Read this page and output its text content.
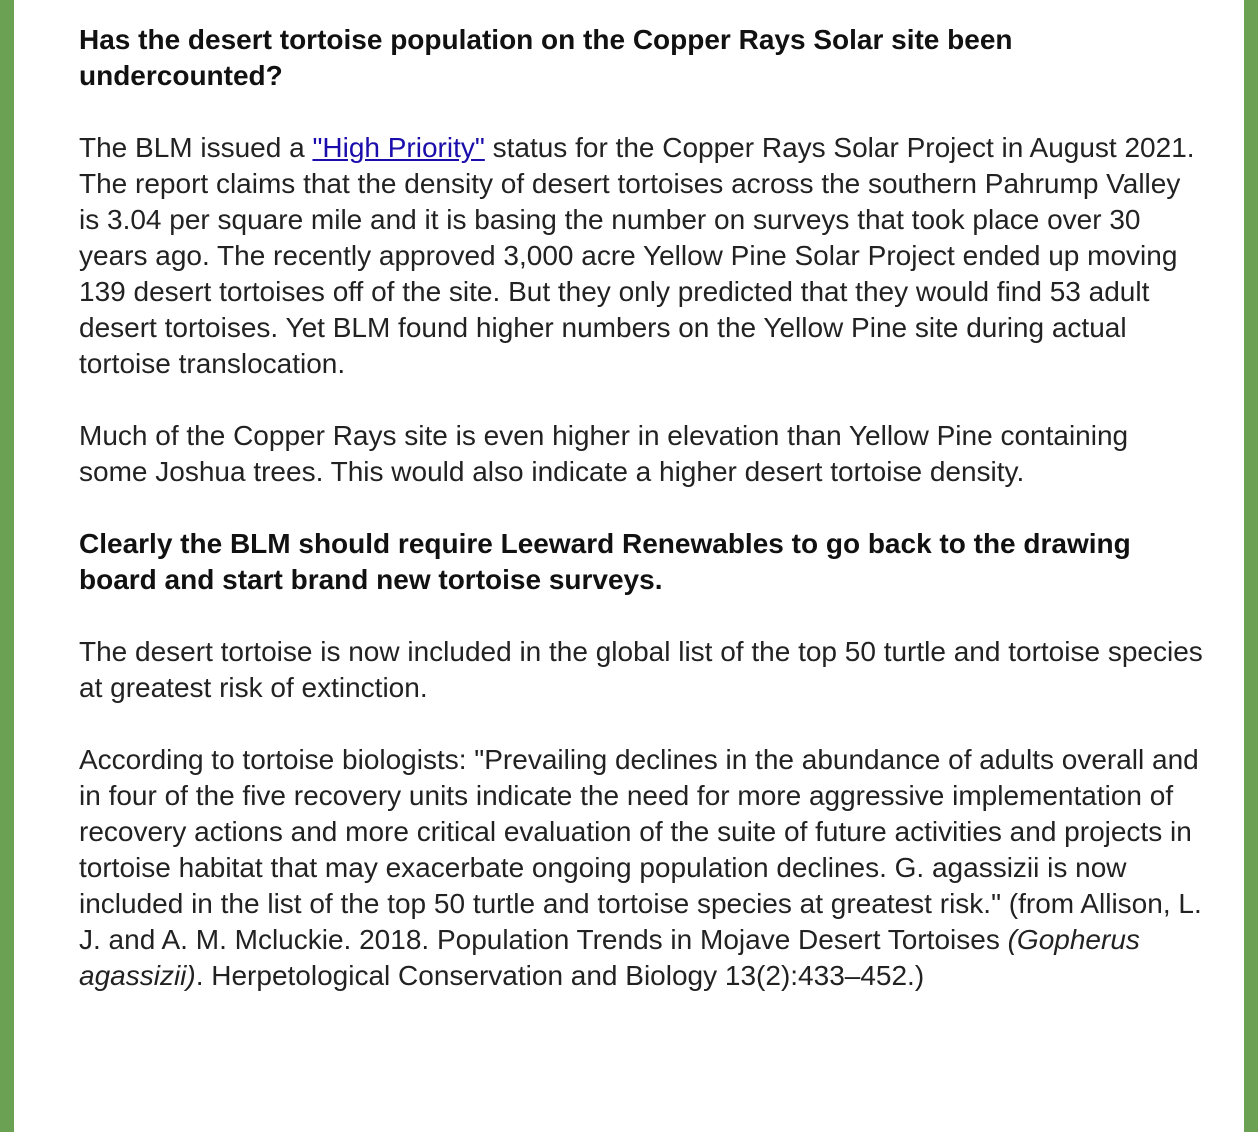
Has the desert tortoise population on the Copper Rays Solar site been undercounted?

The BLM issued a "High Priority" status for the Copper Rays Solar Project in August 2021. The report claims that the density of desert tortoises across the southern Pahrump Valley is 3.04 per square mile and it is basing the number on surveys that took place over 30 years ago. The recently approved 3,000 acre Yellow Pine Solar Project ended up moving 139 desert tortoises off of the site. But they only predicted that they would find 53 adult desert tortoises. Yet BLM found higher numbers on the Yellow Pine site during actual tortoise translocation.

Much of the Copper Rays site is even higher in elevation than Yellow Pine containing some Joshua trees. This would also indicate a higher desert tortoise density.

Clearly the BLM should require Leeward Renewables to go back to the drawing board and start brand new tortoise surveys.

The desert tortoise is now included in the global list of the top 50 turtle and tortoise species at greatest risk of extinction.

According to tortoise biologists: "Prevailing declines in the abundance of adults overall and in four of the five recovery units indicate the need for more aggressive implementation of recovery actions and more critical evaluation of the suite of future activities and projects in tortoise habitat that may exacerbate ongoing population declines. G. agassizii is now included in the list of the top 50 turtle and tortoise species at greatest risk." (from Allison, L. J. and A. M. Mcluckie. 2018. Population Trends in Mojave Desert Tortoises (Gopherus agassizii). Herpetological Conservation and Biology 13(2):433–452.)
